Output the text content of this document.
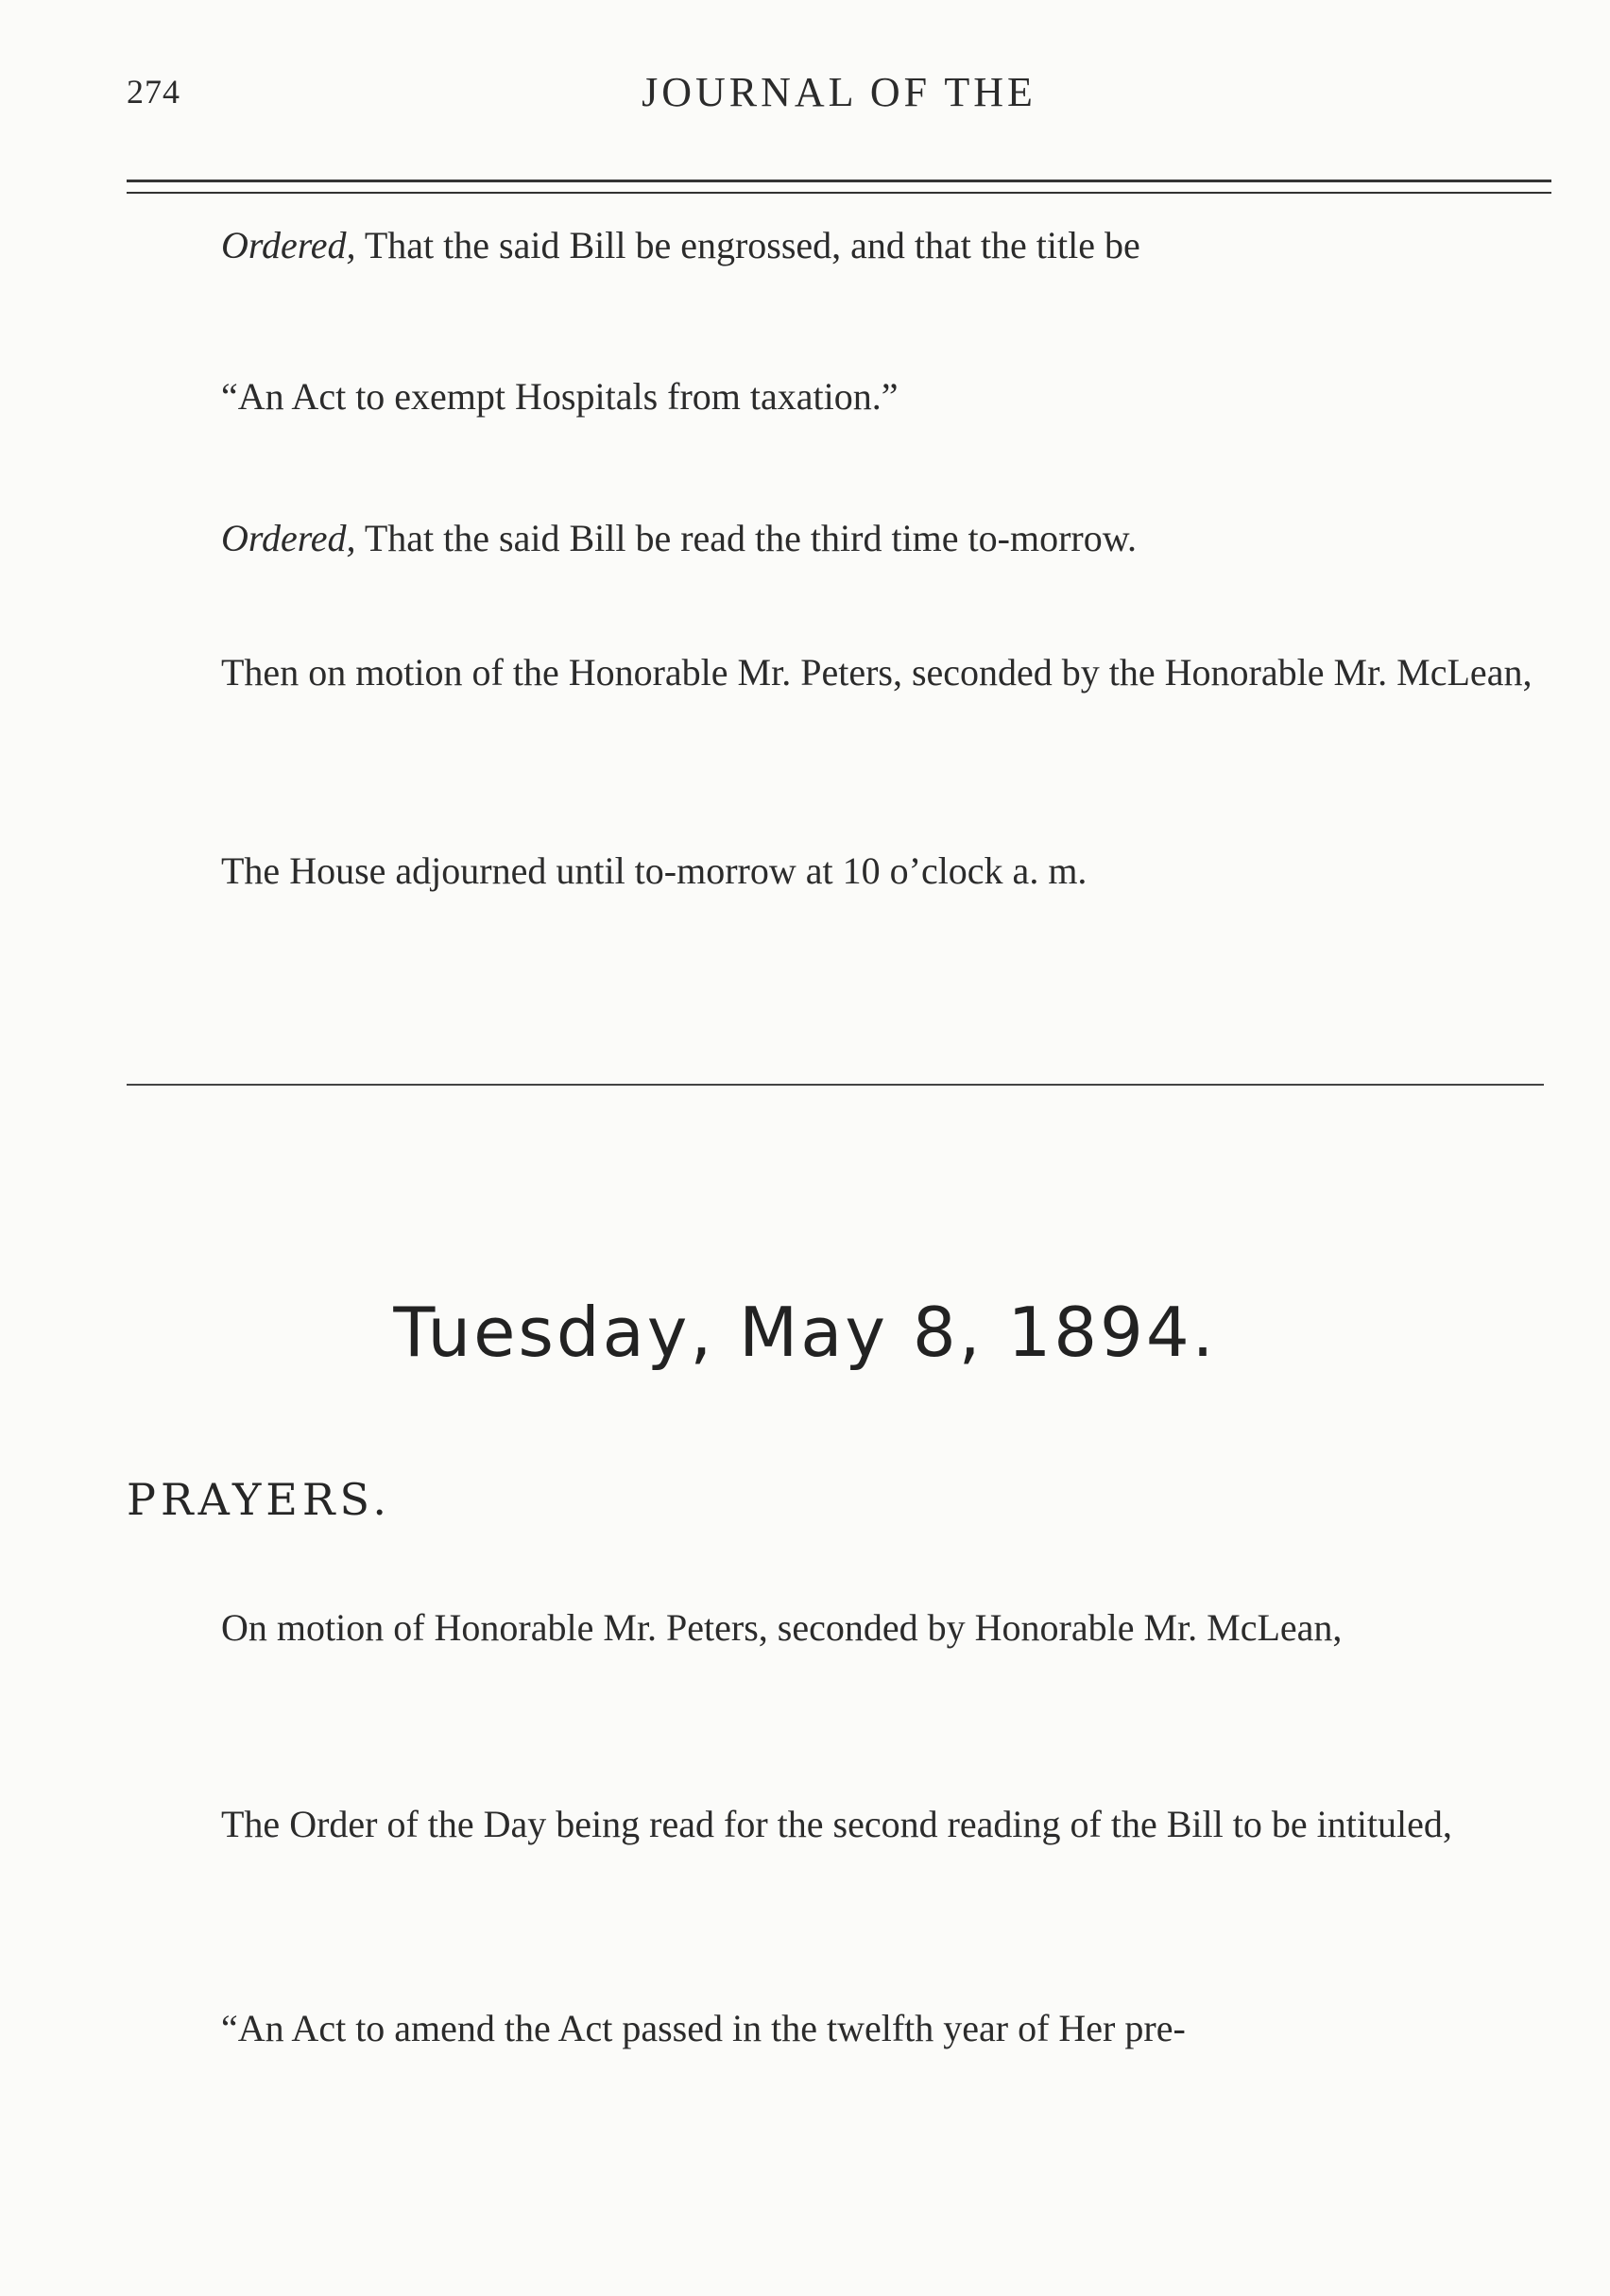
274	JOURNAL OF THE

Ordered, That the said Bill be engrossed, and that the title be

“An Act to exempt Hospitals from taxation.”

Ordered, That the said Bill be read the third time to-morrow.

Then on motion of the Honorable Mr. Peters, seconded by the Honorable Mr. McLean,

The House adjourned until to-morrow at 10 o’clock a. m.

Tuesday, May 8, 1894.
PRAYERS.

On motion of Honorable Mr. Peters, seconded by Honorable Mr. McLean,

The Order of the Day being read for the second reading of the Bill to be intituled,

“An Act to amend the Act passed in the twelfth year of Her pre-
